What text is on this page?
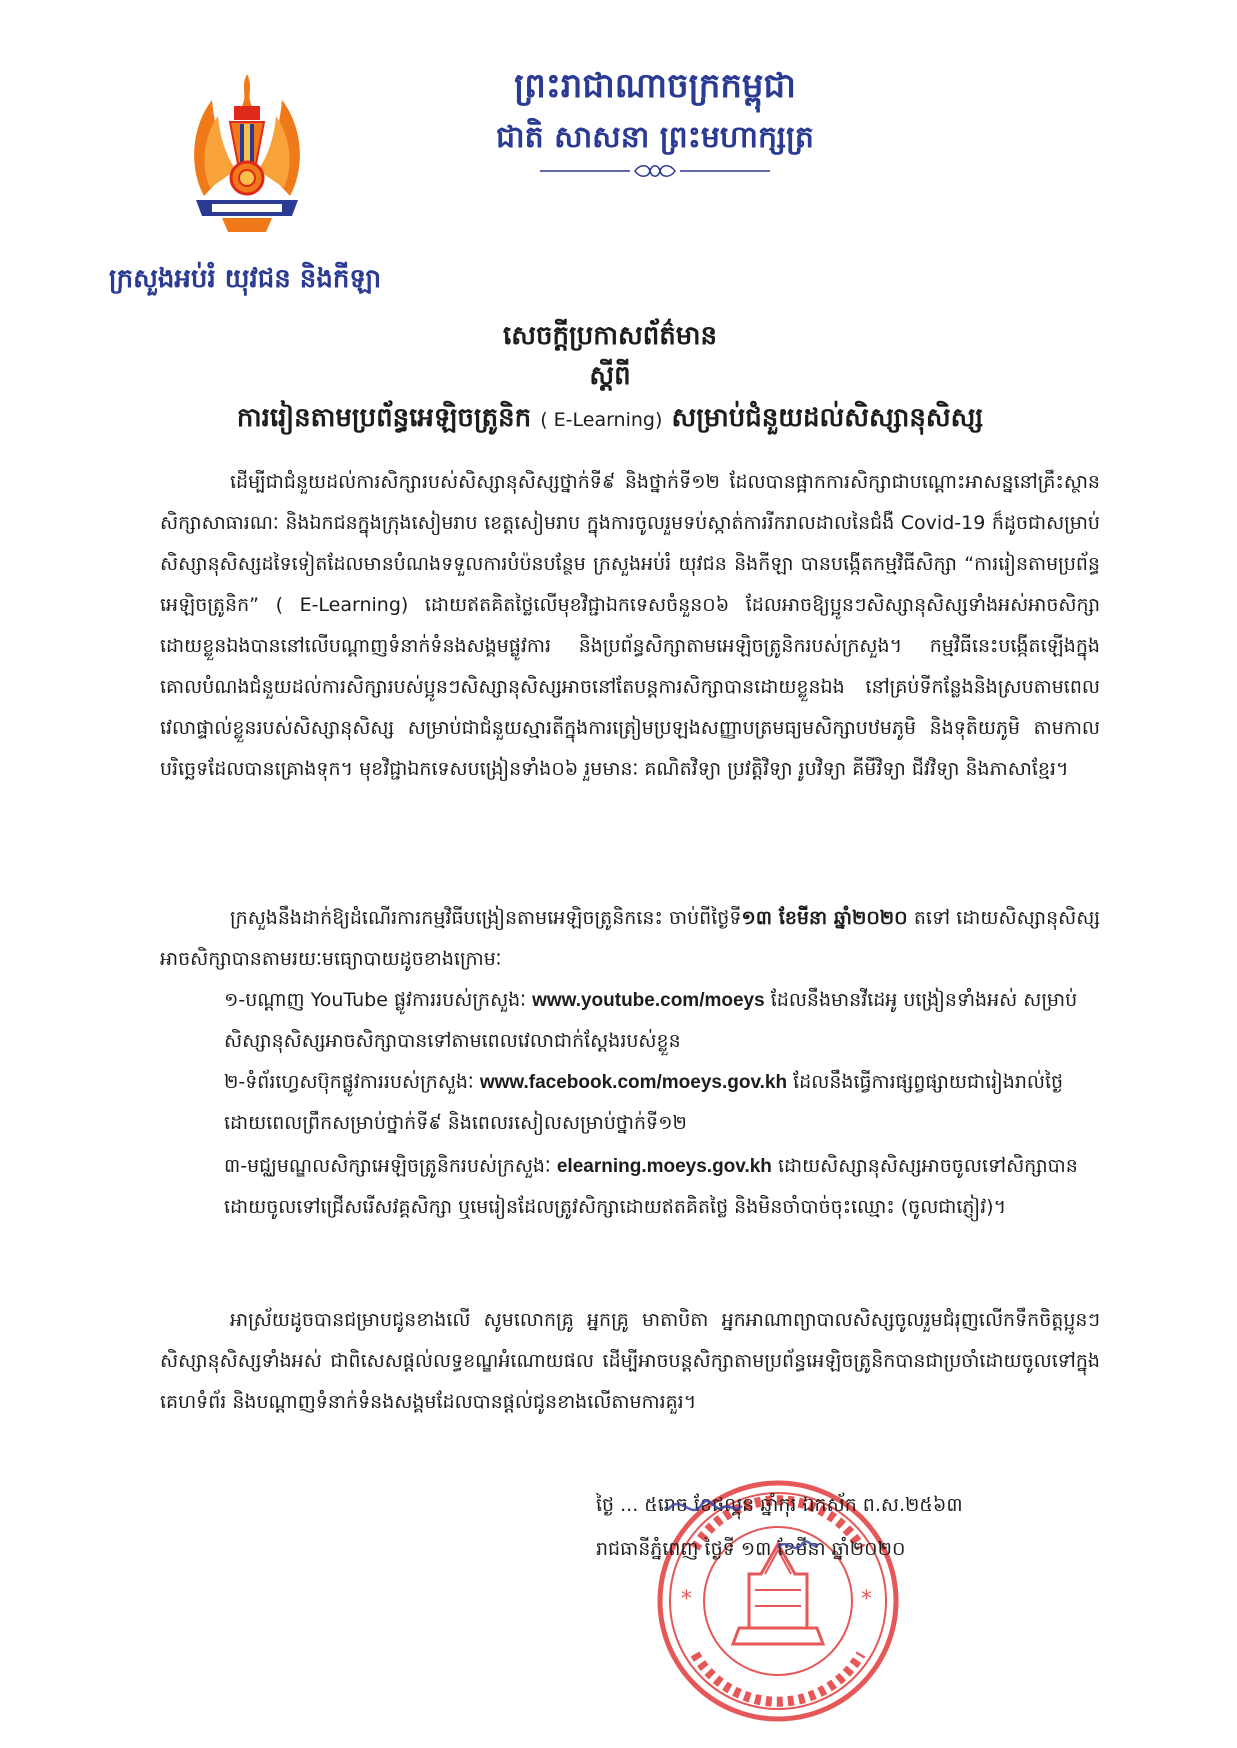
ក្រសួងអប់រំ យុវជន និងកីឡា
ព្រះរាជាណាចក្រកម្ពុជា
ជាតិ សាសនា ព្រះមហាក្សត្រ
សេចក្ដីប្រកាសព័ត៌មាន
ស្ដីពី
ការរៀនតាមប្រព័ន្ធអេឡិចត្រូនិក ( E-Learning) សម្រាប់ជំនួយដល់សិស្សានុសិស្ស

ដើម្បីជាជំនួយដល់ការសិក្សារបស់សិស្សានុសិស្សថ្នាក់ទី៩ និងថ្នាក់ទី១២ ដែលបានផ្អាកការសិក្សាជាបណ្ដោះអាសន្ននៅគ្រឹះស្ថានសិក្សាសាធារណៈ និងឯកជនក្នុងក្រុងសៀមរាប ខេត្តសៀមរាប ក្នុងការចូលរួមទប់ស្កាត់ការរីករាលដាលនៃជំងឺ Covid-19 ក៏ដូចជាសម្រាប់សិស្សានុសិស្សដទៃទៀតដែលមានបំណងទទួលការបំប៉នបន្ថែម ក្រសួងអប់រំ យុវជន និងកីឡា បានបង្កើតកម្មវិធីសិក្សា “ការរៀនតាមប្រព័ន្ធអេឡិចត្រូនិក” ( E-Learning) ដោយឥតគិតថ្លៃលើមុខវិជ្ជាឯកទេសចំនួន០៦ ដែលអាចឱ្យប្អូនៗសិស្សានុសិស្សទាំងអស់អាចសិក្សាដោយខ្លួនឯងបាននៅលើបណ្ដាញទំនាក់ទំនងសង្គមផ្លូវការ និងប្រព័ន្ធសិក្សាតាមអេឡិចត្រូនិករបស់ក្រសួង។ កម្មវិធីនេះបង្កើតឡើងក្នុងគោលបំណងជំនួយដល់ការសិក្សារបស់ប្អូនៗសិស្សានុសិស្សអាចនៅតែបន្តការសិក្សាបានដោយខ្លួនឯង នៅគ្រប់ទីកន្លែងនិងស្របតាមពេលវេលាផ្ទាល់ខ្លួនរបស់សិស្សានុសិស្ស សម្រាប់ជាជំនួយស្មារតីក្នុងការត្រៀមប្រឡងសញ្ញាបត្រមធ្យមសិក្សាបឋមភូមិ និងទុតិយភូមិ តាមកាលបរិច្ឆេទដែលបានគ្រោងទុក។ មុខវិជ្ជាឯកទេសបង្រៀនទាំង០៦ រួមមានៈ គណិតវិទ្យា ប្រវត្តិវិទ្យា រូបវិទ្យា គីមីវិទ្យា ជីវវិទ្យា និងភាសាខ្មែរ។

ក្រសួងនឹងដាក់ឱ្យដំណើរការកម្មវិធីបង្រៀនតាមអេឡិចត្រូនិកនេះ ចាប់ពីថ្ងៃទី១៣ ខែមីនា ឆ្នាំ២០២០ តទៅ ដោយសិស្សានុសិស្សអាចសិក្សាបានតាមរយៈមធ្យោបាយដូចខាងក្រោមៈ

១-បណ្ដាញ YouTube ផ្លូវការរបស់ក្រសួងៈ www.youtube.com/moeys ដែលនឹងមានវីដេអូ បង្រៀនទាំងអស់ សម្រាប់សិស្សានុសិស្សអាចសិក្សាបានទៅតាមពេលវេលាជាក់ស្ដែងរបស់ខ្លួន
២-ទំព័រហ្វេសប៊ុកផ្លូវការរបស់ក្រសួងៈ www.facebook.com/moeys.gov.kh ដែលនឹងធ្វើការផ្សព្វផ្សាយជារៀងរាល់ថ្ងៃ ដោយពេលព្រឹកសម្រាប់ថ្នាក់ទី៩ និងពេលរសៀលសម្រាប់ថ្នាក់ទី១២
៣-មជ្ឈមណ្ឌលសិក្សាអេឡិចត្រូនិករបស់ក្រសួងៈ elearning.moeys.gov.kh ដោយសិស្សានុសិស្សអាចចូលទៅសិក្សាបានដោយចូលទៅជ្រើសរើសវគ្គសិក្សា ឬមេរៀនដែលត្រូវសិក្សាដោយឥតគិតថ្លៃ និងមិនចាំបាច់ចុះឈ្មោះ (ចូលជាភ្ញៀវ)។

អាស្រ័យដូចបានជម្រាបជូនខាងលើ សូមលោកគ្រូ អ្នកគ្រូ មាតាបិតា អ្នកអាណាព្យាបាលសិស្សចូលរួមជំរុញលើកទឹកចិត្តប្អូនៗសិស្សានុសិស្សទាំងអស់ ជាពិសេសផ្ដល់លទ្ធខណ្ឌអំណោយផល ដើម្បីអាចបន្តសិក្សាតាមប្រព័ន្ធអេឡិចត្រូនិកបានជាប្រចាំដោយចូលទៅក្នុងគេហទំព័រ និងបណ្ដាញទំនាក់ទំនងសង្គមដែលបានផ្ដល់ជូនខាងលើតាមការគួរ។

*	*
ថ្ងៃ ... ៥រោច ខែផល្គុន ឆ្នាំកុរ ឯកស័ក ព.ស.២៥៦៣
រាជធានីភ្នំពេញ ថ្ងៃទី ១៣ ខែមីនា ឆ្នាំ២០២០
